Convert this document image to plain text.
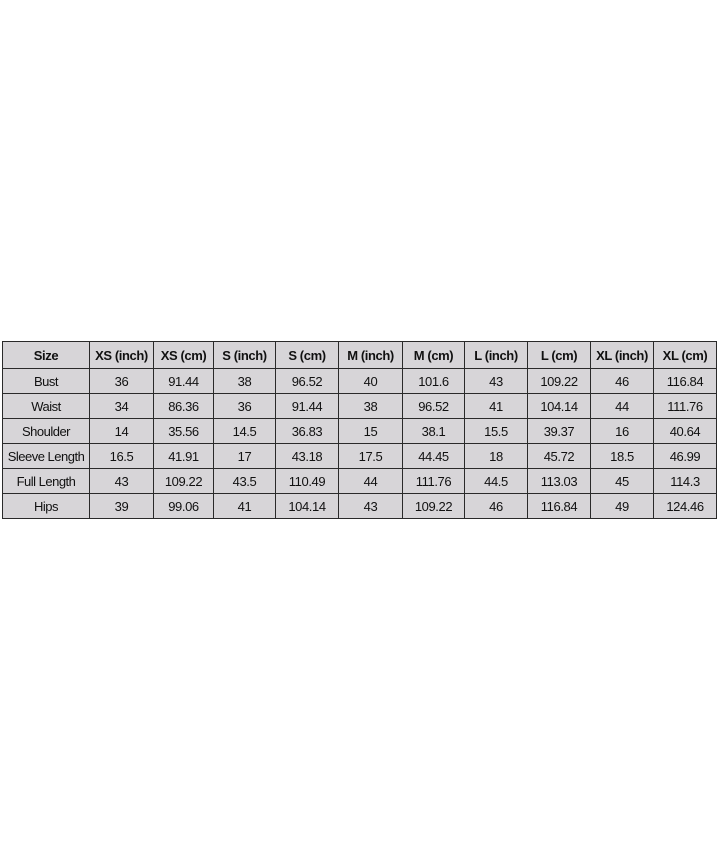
Size	XS (inch)	XS (cm)	S (inch)	S (cm)	M (inch)	M (cm)	L (inch)	L (cm)	XL (inch)	XL (cm)
Bust	36	91.44	38	96.52	40	101.6	43	109.22	46	116.84
Waist	34	86.36	36	91.44	38	96.52	41	104.14	44	111.76
Shoulder	14	35.56	14.5	36.83	15	38.1	15.5	39.37	16	40.64
Sleeve Length	16.5	41.91	17	43.18	17.5	44.45	18	45.72	18.5	46.99
Full Length	43	109.22	43.5	110.49	44	111.76	44.5	113.03	45	114.3
Hips	39	99.06	41	104.14	43	109.22	46	116.84	49	124.46
